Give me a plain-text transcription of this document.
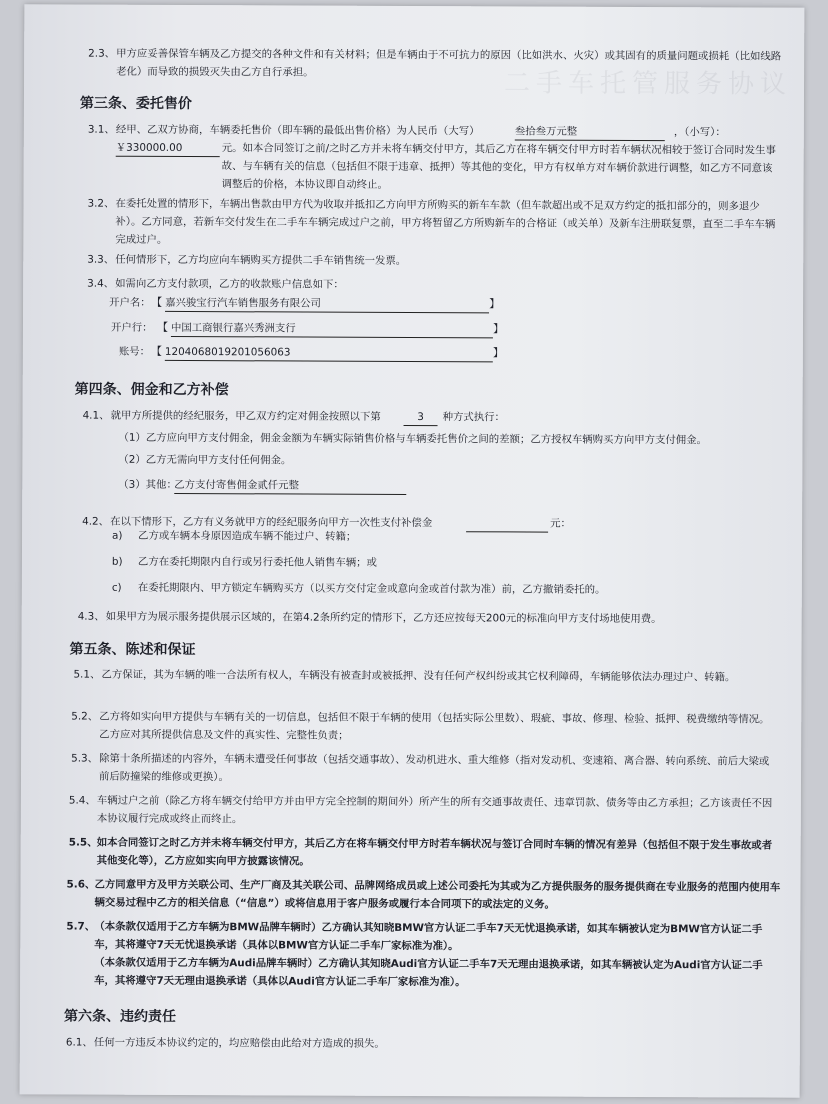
二手车托管服务协议
2.3、 甲方应妥善保管车辆及乙方提交的各种文件和有关材料；但是车辆由于不可抗力的原因（比如洪水、火灾）或其固有的质量问题或损耗（比如线路老化）而导致的损毁灭失由乙方自行承担。
第三条、委托售价
3.1、 经甲、乙双方协商，车辆委托售价（即车辆的最低出售价格）为人民币（大写）	叁拾叁万元整	，（小写）：
￥330000.00	元。如本合同签订之前/之时乙方并未将车辆交付甲方，其后乙方在将车辆交付甲方时若车辆状况相较于签订合同时发生事故、与车辆有关的信息（包括但不限于违章、抵押）等其他的变化，甲方有权单方对车辆价款进行调整，如乙方不同意该调整后的价格，本协议即自动终止。
3.2、 在委托处置的情形下，车辆出售款由甲方代为收取并抵扣乙方向甲方所购买的新车车款（但车款超出或不足双方约定的抵扣部分的，则多退少补）。乙方同意，若新车交付发生在二手车车辆完成过户之前，甲方将暂留乙方所购新车的合格证（或关单）及新车注册联复票，直至二手车车辆完成过户。
3.3、 任何情形下，乙方均应向车辆购买方提供二手车销售统一发票。
3.4、 如需向乙方支付款项，乙方的收款账户信息如下：
开户名： 【 嘉兴骏宝行汽车销售服务有限公司	】
开户行： 【 中国工商银行嘉兴秀洲支行	】
账号： 【 1204068019201056063	】
第四条、佣金和乙方补偿
4.1、 就甲方所提供的经纪服务，甲乙双方约定对佣金按照以下第	3	种方式执行：
（1）乙方应向甲方支付佣金，佣金金额为车辆实际销售价格与车辆委托售价之间的差额；乙方授权车辆购买方向甲方支付佣金。
（2）乙方无需向甲方支付任何佣金。
（3）其他：
乙方支付寄售佣金贰仟元整
4.2、 在以下情形下，乙方有义务就甲方的经纪服务向甲方一次性支付补偿金	元：
a) 乙方或车辆本身原因造成车辆不能过户、转籍；
b) 乙方在委托期限内自行或另行委托他人销售车辆；或
c) 在委托期限内、甲方锁定车辆购买方（以买方交付定金或意向金或首付款为准）前，乙方撤销委托的。
4.3、 如果甲方为展示服务提供展示区域的，在第4.2条所约定的情形下，乙方还应按每天200元的标准向甲方支付场地使用费。
第五条、陈述和保证
5.1、 乙方保证，其为车辆的唯一合法所有权人，车辆没有被查封或被抵押、没有任何产权纠纷或其它权利障碍，车辆能够依法办理过户、转籍。
5.2、 乙方将如实向甲方提供与车辆有关的一切信息，包括但不限于车辆的使用（包括实际公里数）、瑕疵、事故、修理、检验、抵押、税费缴纳等情况。乙方应对其所提供信息及文件的真实性、完整性负责；
5.3、 除第十条所描述的内容外，车辆未遭受任何事故（包括交通事故）、发动机进水、重大维修（指对发动机、变速箱、离合器、转向系统、前后大梁或前后防撞梁的维修或更换）。
5.4、 车辆过户之前（除乙方将车辆交付给甲方并由甲方完全控制的期间外）所产生的所有交通事故责任、违章罚款、债务等由乙方承担；乙方该责任不因本协议履行完成或终止而终止。
5.5、 如本合同签订之时乙方并未将车辆交付甲方，其后乙方在将车辆交付甲方时若车辆状况与签订合同时车辆的情况有差异（包括但不限于发生事故或者其他变化等），乙方应如实向甲方披露该情况。
5.6、 乙方同意甲方及甲方关联公司、生产厂商及其关联公司、品牌网络成员或上述公司委托为其或为乙方提供服务的服务提供商在专业服务的范围内使用车辆交易过程中乙方的相关信息（“信息”）或将信息用于客户服务或履行本合同项下的或法定的义务。
5.7、 （本条款仅适用于乙方车辆为BMW品牌车辆时）乙方确认其知晓BMW官方认证二手车7天无忧退换承诺，如其车辆被认定为BMW官方认证二手车，其将遵守7天无忧退换承诺（具体以BMW官方认证二手车厂家标准为准）。
（本条款仅适用于乙方车辆为Audi品牌车辆时）乙方确认其知晓Audi官方认证二手车7天无理由退换承诺，如其车辆被认定为Audi官方认证二手车，其将遵守7天无理由退换承诺（具体以Audi官方认证二手车厂家标准为准）。
第六条、违约责任
6.1、 任何一方违反本协议约定的，均应赔偿由此给对方造成的损失。
